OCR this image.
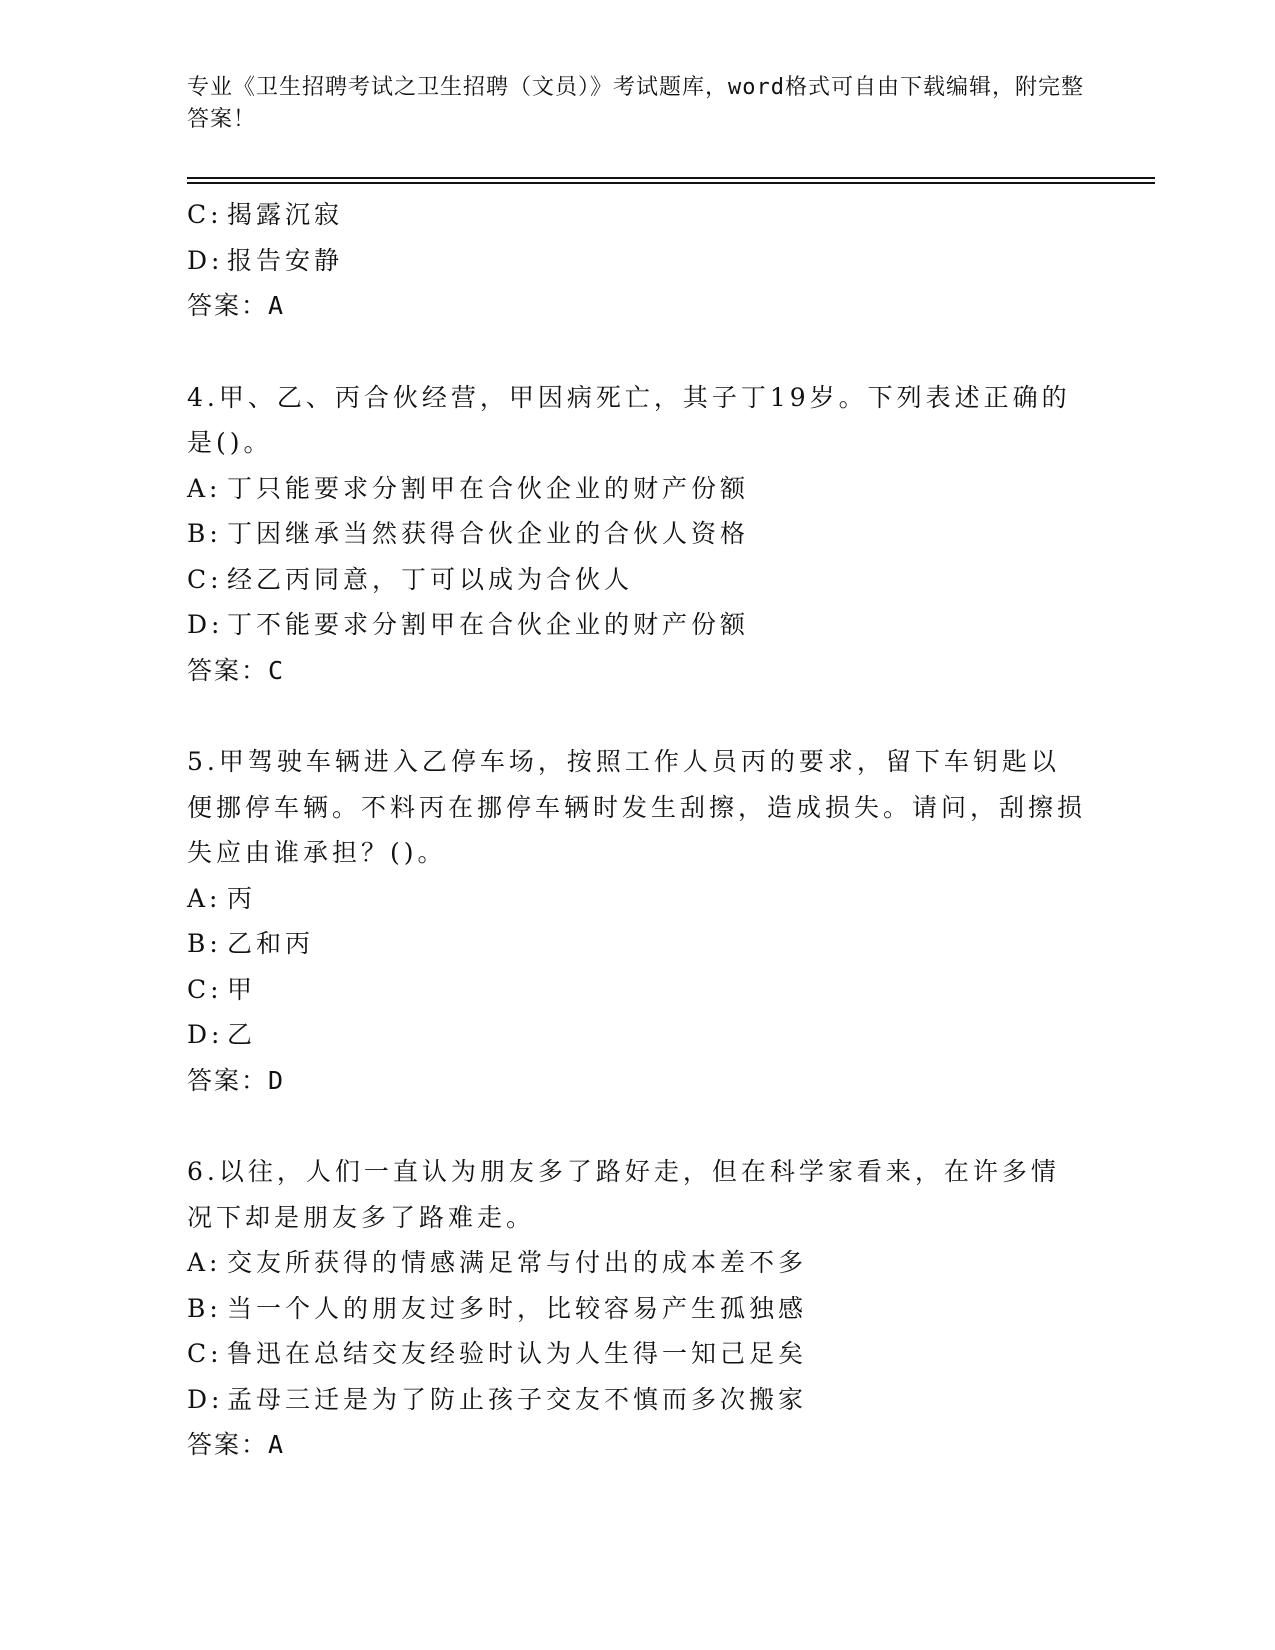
专业《卫生招聘考试之卫生招聘（文员）》考试题库，word格式可自由下载编辑，附完整答案！
C: 揭露沉寂
D: 报告安静
答案：A
4.甲、乙、丙合伙经营，甲因病死亡，其子丁19岁。下列表述正确的是()。
A: 丁只能要求分割甲在合伙企业的财产份额
B: 丁因继承当然获得合伙企业的合伙人资格
C: 经乙丙同意，丁可以成为合伙人
D: 丁不能要求分割甲在合伙企业的财产份额
答案：C
5.甲驾驶车辆进入乙停车场，按照工作人员丙的要求，留下车钥匙以便挪停车辆。不料丙在挪停车辆时发生刮擦，造成损失。请问，刮擦损失应由谁承担？()。
A: 丙
B: 乙和丙
C: 甲
D: 乙
答案：D
6.以往，人们一直认为朋友多了路好走，但在科学家看来，在许多情况下却是朋友多了路难走。
A: 交友所获得的情感满足常与付出的成本差不多
B: 当一个人的朋友过多时，比较容易产生孤独感
C: 鲁迅在总结交友经验时认为人生得一知己足矣
D: 孟母三迁是为了防止孩子交友不慎而多次搬家
答案：A
